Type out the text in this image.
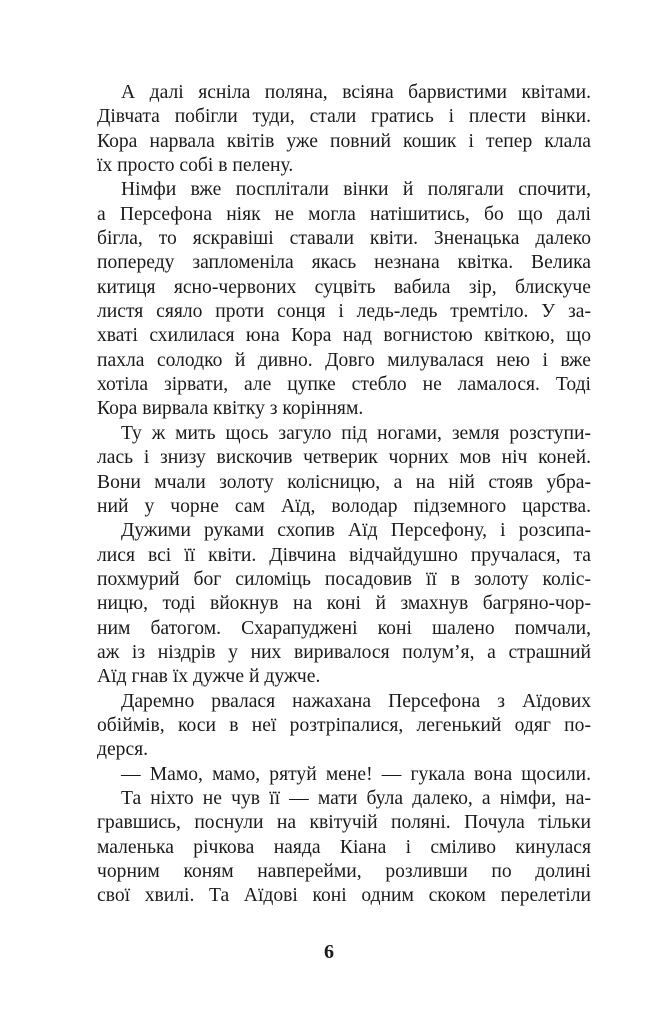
А далі ясніла поляна, всіяна барвистими квітами.
Дівчата побігли туди, стали гратись і плести вінки.
Кора нарвала квітів уже повний кошик і тепер клала
їх просто собі в пелену.
Німфи вже посплітали вінки й полягали спочити,
а Персефона ніяк не могла натішитись, бо що далі
бігла, то яскравіші ставали квіти. Зненацька далеко
попереду запломеніла якась незнана квітка. Велика
китиця ясно-червоних суцвіть вабила зір, блискуче
листя сяяло проти сонця і ледь-ледь тремтіло. У за-
хваті схилилася юна Кора над вогнистою квіткою, що
пахла солодко й дивно. Довго милувалася нею і вже
хотіла зірвати, але цупке стебло не ламалося. Тоді
Кора вирвала квітку з корінням.
Ту ж мить щось загуло під ногами, земля розступи-
лась і знизу вискочив четверик чорних мов ніч коней.
Вони мчали золоту колісницю, а на ній стояв убра-
ний у чорне сам Аїд, володар підземного царства.
Дужими руками схопив Аїд Персефону, і розсипа-
лися всі її квіти. Дівчина відчайдушно пручалася, та
похмурий бог силоміць посадовив її в золоту коліс-
ницю, тоді вйокнув на коні й змахнув багряно-чор-
ним батогом. Схарапуджені коні шалено помчали,
аж із ніздрів у них виривалося полум’я, а страшний
Аїд гнав їх дужче й дужче.
Даремно рвалася нажахана Персефона з Аїдових
обіймів, коси в неї розтріпалися, легенький одяг по-
дерся.
— Мамо, мамо, рятуй мене! — гукала вона щосили.
Та ніхто не чув її — мати була далеко, а німфи, на-
гравшись, поснули на квітучій поляні. Почула тільки
маленька річкова наяда Кіана і сміливо кинулася
чорним коням навперейми, розливши по долині
свої хвилі. Та Аїдові коні одним скоком перелетіли
6
